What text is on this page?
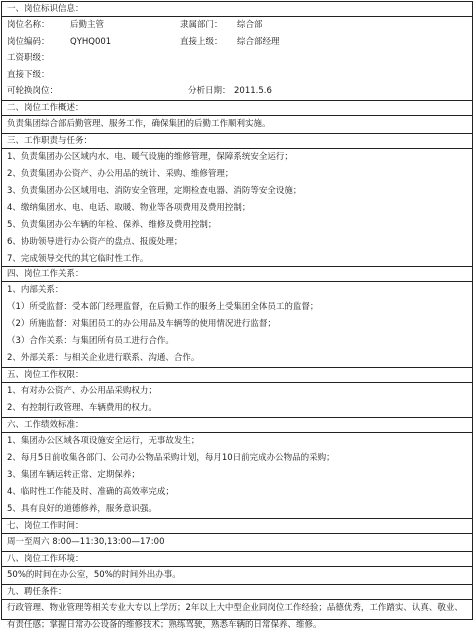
一、岗位标识信息：
岗位名称： 后勤主管	隶属部门： 综合部
岗位编码： QYHQ001	直接上级： 综合部经理
工资职级：
直接下级：
可轮换岗位：	分析日期： 2011.5.6
二、岗位工作概述：
负责集团综合部后勤管理、服务工作，确保集团的后勤工作顺利实施。
三、工作职责与任务：
1、负责集团办公区域内水、电、暖气设施的维修管理，保障系统安全运行；
2、负责集团办公资产、办公用品的统计、采购、维修管理；
3、负责集团办公区域用电、消防安全管理，定期检查电器、消防等安全设施；
4、缴纳集团水、电、电话、取暖、物业等各项费用及费用控制；
5、负责集团办公车辆的年检、保养、维修及费用控制；
6、协助领导进行办公资产的盘点、报废处理；
7、完成领导交代的其它临时性工作。
四、岗位工作关系：
1、内部关系：
（1）所受监督：受本部门经理监督，在后勤工作的服务上受集团全体员工的监督；
（2）所施监督：对集团员工的办公用品及车辆等的使用情况进行监督；
（3）合作关系：与集团所有员工进行合作。
2、外部关系：与相关企业进行联系、沟通、合作。
五、岗位工作权限：
1、有对办公资产、办公用品采购权力；
2、有控制行政管理、车辆费用的权力。
六、工作绩效标准：
1、集团办公区域各项设施安全运行，无事故发生；
2、每月5日前收集各部门、公司办公物品采购计划，每月10日前完成办公物品的采购；
3、集团车辆运转正常、定期保养；
4、临时性工作能及时、准确的高效率完成；
5、具有良好的道德修养，服务意识强。
七、岗位工作时间：
周一至周六 8:00—11:30,13:00—17:00
八、岗位工作环境：
50%的时间在办公室，50%的时间外出办事。
九、聘任条件：
行政管理、物业管理等相关专业大专以上学历；2年以上大中型企业同岗位工作经验；品德优秀，工作踏实、认真、敬业、
有责任感；掌握日常办公设备的维修技术；熟练驾驶，熟悉车辆的日常保养、维修。
